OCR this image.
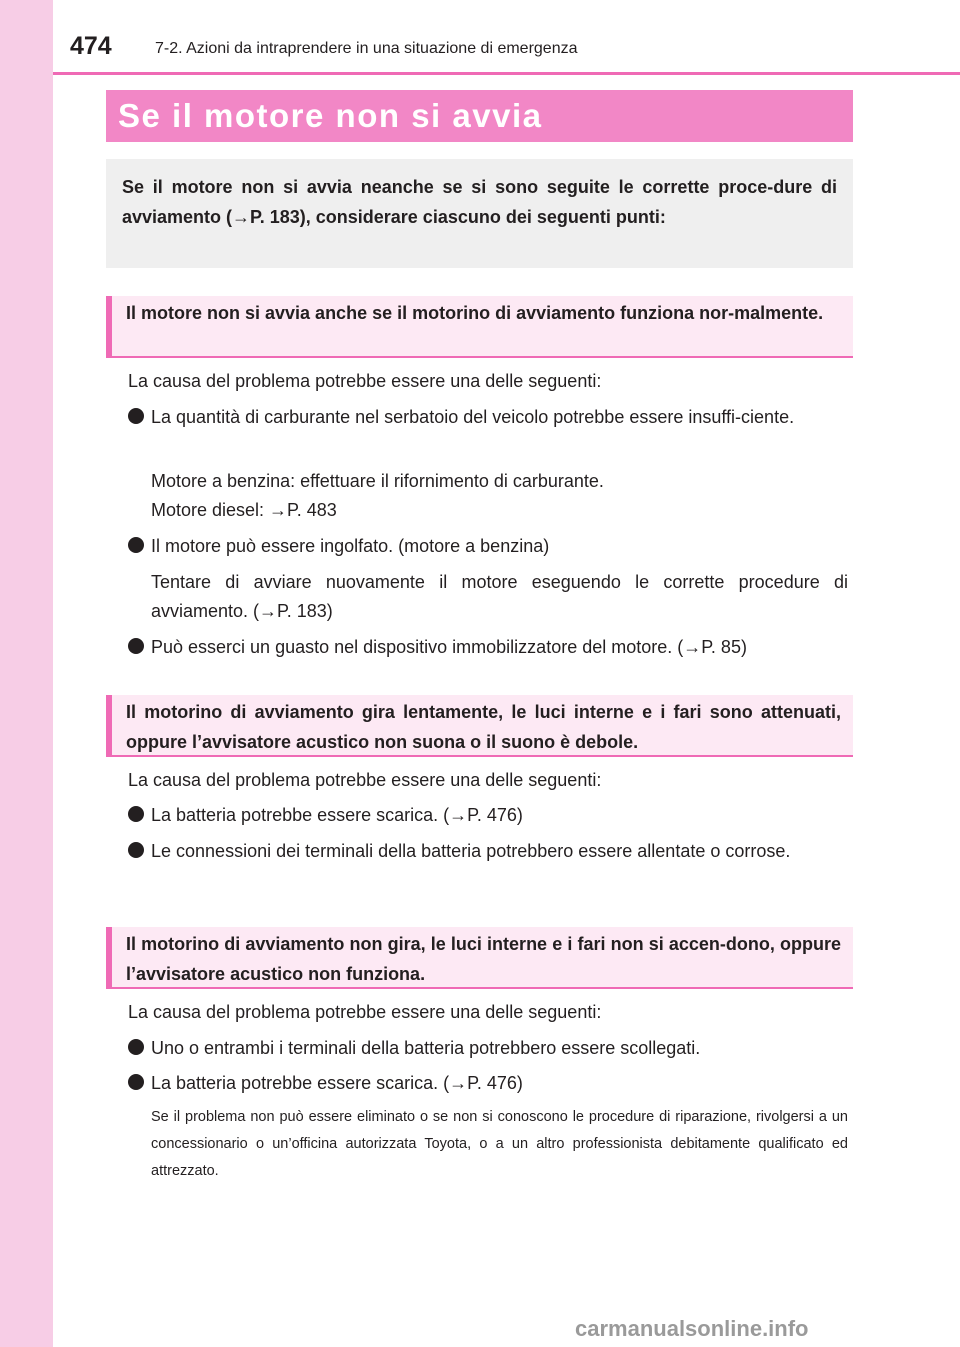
474	7-2. Azioni da intraprendere in una situazione di emergenza
Se il motore non si avvia

Se il motore non si avvia neanche se si sono seguite le corrette proce-dure di avviamento (→P. 183), considerare ciascuno dei seguenti punti:

Il motore non si avvia anche se il motorino di avviamento funziona nor-malmente.

La causa del problema potrebbe essere una delle seguenti:

La quantità di carburante nel serbatoio del veicolo potrebbe essere insuffi-ciente.

Motore a benzina: effettuare il rifornimento di carburante.

Motore diesel: →P. 483

Il motore può essere ingolfato. (motore a benzina)

Tentare di avviare nuovamente il motore eseguendo le corrette procedure di avviamento. (→P. 183)

Può esserci un guasto nel dispositivo immobilizzatore del motore. (→P. 85)

Il motorino di avviamento gira lentamente, le luci interne e i fari sono attenuati, oppure l’avvisatore acustico non suona o il suono è debole.

La causa del problema potrebbe essere una delle seguenti:

La batteria potrebbe essere scarica. (→P. 476)
Le connessioni dei terminali della batteria potrebbero essere allentate o corrose.

Il motorino di avviamento non gira, le luci interne e i fari non si accen-dono, oppure l’avvisatore acustico non funziona.

La causa del problema potrebbe essere una delle seguenti:

Uno o entrambi i terminali della batteria potrebbero essere scollegati.
La batteria potrebbe essere scarica. (→P. 476)

Se il problema non può essere eliminato o se non si conoscono le procedure di riparazione, rivolgersi a un concessionario o un’officina autorizzata Toyota, o a un altro professionista debitamente qualificato ed attrezzato.

carmanualsonline.info
